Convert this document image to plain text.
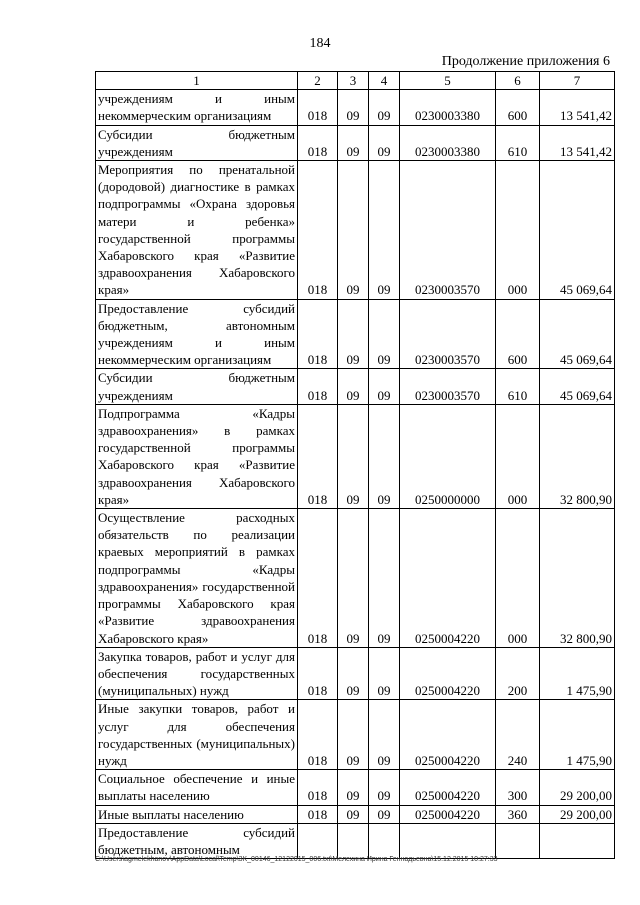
184
Продолжение приложения 6
1	2	3	4	5	6	7
учреждениям и иным некоммерческим организациям	018	09	09	0230003380	600	13 541,42
Субсидии бюджетным учреждениям	018	09	09	0230003380	610	13 541,42
Мероприятия по пренатальной (дородовой) диагностике в рамках подпрограммы «Охрана здоровья матери и ребенка» государственной программы Хабаровского края «Развитие здравоохранения Хабаровского края»	018	09	09	0230003570	000	45 069,64
Предоставление субсидий бюджетным, автономным учреждениям и иным некоммерческим организациям	018	09	09	0230003570	600	45 069,64
Субсидии бюджетным учреждениям	018	09	09	0230003570	610	45 069,64
Подпрограмма «Кадры здравоохранения» в рамках государственной программы Хабаровского края «Развитие здравоохранения Хабаровского края»	018	09	09	0250000000	000	32 800,90
Осуществление расходных обязательств по реализации краевых мероприятий в рамках подпрограммы «Кадры здравоохранения» государственной программы Хабаровского края «Развитие здравоохранения Хабаровского края»	018	09	09	0250004220	000	32 800,90
Закупка товаров, работ и услуг для обеспечения государственных (муниципальных) нужд	018	09	09	0250004220	200	1 475,90
Иные закупки товаров, работ и услуг для обеспечения государственных (муниципальных) нужд	018	09	09	0250004220	240	1 475,90
Социальное обеспечение и иные выплаты населению	018	09	09	0250004220	300	29 200,00
Иные выплаты населению	018	09	09	0250004220	360	29 200,00
Предоставление субсидий бюджетным, автономным						
C:\Users\agmelekhanov\AppData\Local\Temp\3K_00146_12122015_006.txt\Мелехина Ирина Геннадьевна\15.12.2015 10:27:33
